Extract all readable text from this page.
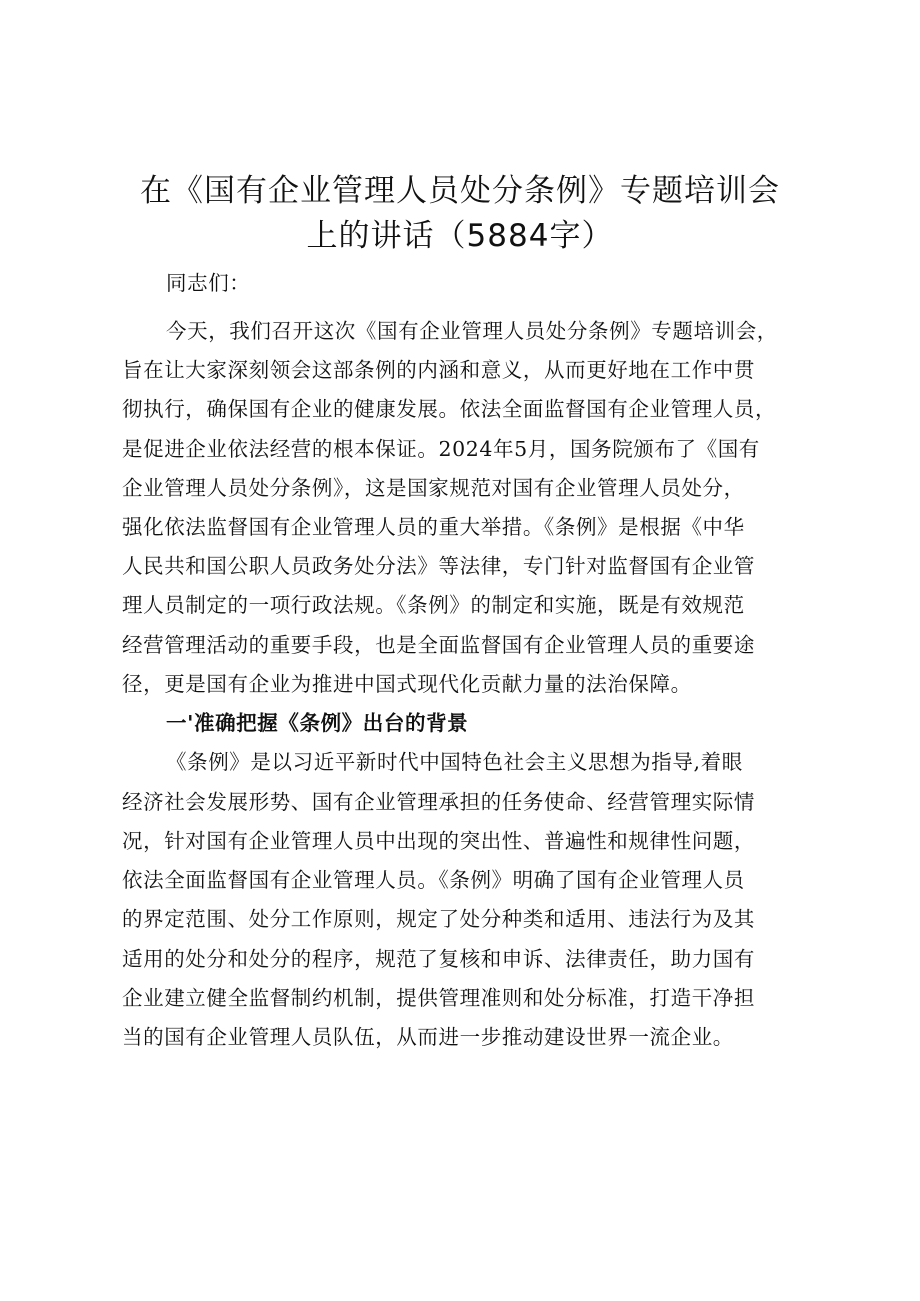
在《国有企业管理人员处分条例》专题培训会
上的讲话（5884字）
同志们：
今天，我们召开这次《国有企业管理人员处分条例》专题培训会，
旨在让大家深刻领会这部条例的内涵和意义，从而更好地在工作中贯
彻执行，确保国有企业的健康发展。依法全面监督国有企业管理人员，
是促进企业依法经营的根本保证。2024年5月，国务院颁布了《国有
企业管理人员处分条例》，这是国家规范对国有企业管理人员处分，
强化依法监督国有企业管理人员的重大举措。《条例》是根据《中华
人民共和国公职人员政务处分法》等法律，专门针对监督国有企业管
理人员制定的一项行政法规。《条例》的制定和实施，既是有效规范
经营管理活动的重要手段，也是全面监督国有企业管理人员的重要途
径，更是国有企业为推进中国式现代化贡献力量的法治保障。
一'准确把握《条例》出台的背景
《条例》是以习近平新时代中国特色社会主义思想为指导,着眼
经济社会发展形势、国有企业管理承担的任务使命、经营管理实际情
况，针对国有企业管理人员中出现的突出性、普遍性和规律性问题，
依法全面监督国有企业管理人员。《条例》明确了国有企业管理人员
的界定范围、处分工作原则，规定了处分种类和适用、违法行为及其
适用的处分和处分的程序，规范了复核和申诉、法律责任，助力国有
企业建立健全监督制约机制，提供管理准则和处分标准，打造干净担
当的国有企业管理人员队伍，从而进一步推动建设世界一流企业。
